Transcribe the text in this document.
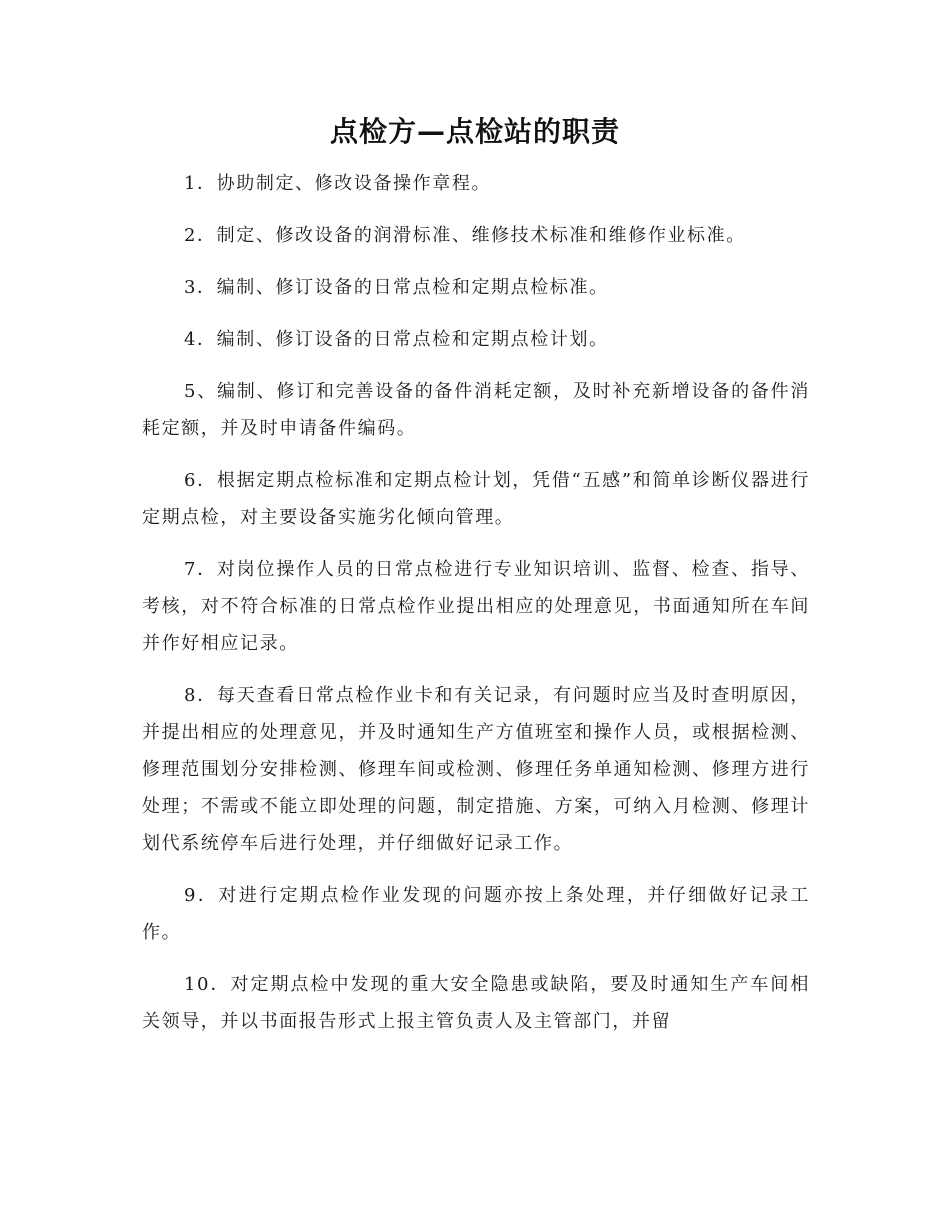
点检方—点检站的职责

1．协助制定、修改设备操作章程。

2．制定、修改设备的润滑标准、维修技术标准和维修作业标准。

3．编制、修订设备的日常点检和定期点检标准。

4．编制、修订设备的日常点检和定期点检计划。

5、编制、修订和完善设备的备件消耗定额，及时补充新增设备的备件消耗定额，并及时申请备件编码。

6．根据定期点检标准和定期点检计划，凭借“五感”和简单诊断仪器进行定期点检，对主要设备实施劣化倾向管理。

7．对岗位操作人员的日常点检进行专业知识培训、监督、检查、指导、考核，对不符合标准的日常点检作业提出相应的处理意见，书面通知所在车间并作好相应记录。

8．每天查看日常点检作业卡和有关记录，有问题时应当及时查明原因，并提出相应的处理意见，并及时通知生产方值班室和操作人员，或根据检测、修理范围划分安排检测、修理车间或检测、修理任务单通知检测、修理方进行处理；不需或不能立即处理的问题，制定措施、方案，可纳入月检测、修理计划代系统停车后进行处理，并仔细做好记录工作。

9．对进行定期点检作业发现的问题亦按上条处理，并仔细做好记录工作。

10．对定期点检中发现的重大安全隐患或缺陷，要及时通知生产车间相关领导，并以书面报告形式上报主管负责人及主管部门，并留
